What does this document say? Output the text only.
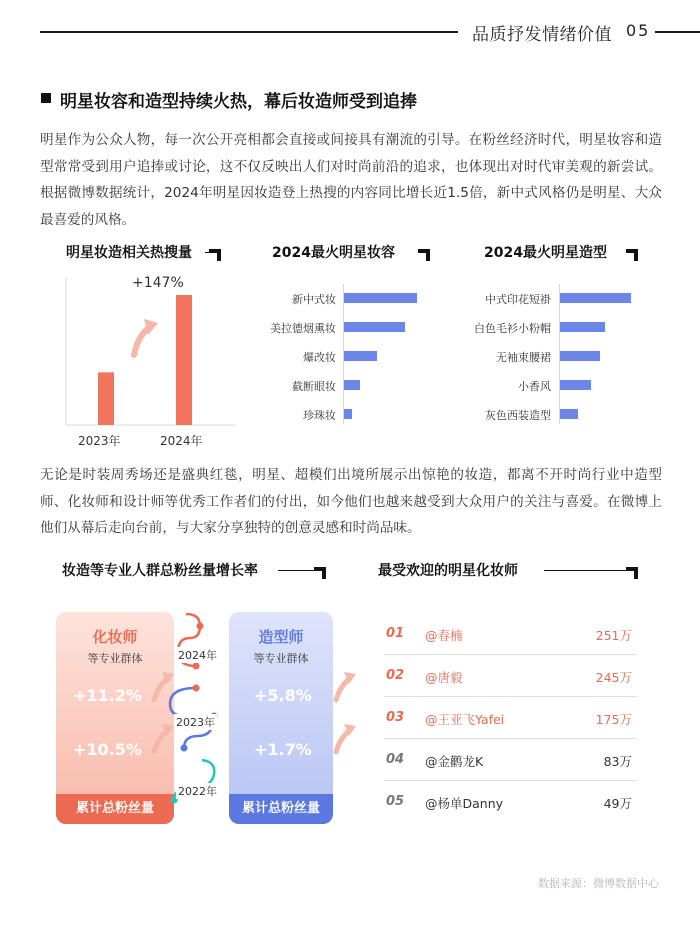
品质抒发情绪价值 05
明星妆容和造型持续火热，幕后妆造师受到追捧
明星作为公众人物，每一次公开亮相都会直接或间接具有潮流的引导。在粉丝经济时代，明星妆容和造型常常受到用户追捧或讨论，这不仅反映出人们对时尚前沿的追求，也体现出对时代审美观的新尝试。根据微博数据统计，2024年明星因妆造登上热搜的内容同比增长近1.5倍，新中式风格仍是明星、大众最喜爱的风格。
明星妆造相关热搜量
+147%
2023年	2024年
2024最火明星妆容
新中式妆
美拉德烟熏妆
爆改妆
截断眼妆
珍珠妆
2024最火明星造型
中式印花短褂
白色毛衫小粉帽
无袖束腰裙
小香风
灰色西装造型
无论是时装周秀场还是盛典红毯，明星、超模们出境所展示出惊艳的妆造，都离不开时尚行业中造型师、化妆师和设计师等优秀工作者们的付出，如今他们也越来越受到大众用户的关注与喜爱。在微博上他们从幕后走向台前，与大家分享独特的创意灵感和时尚品味。
妆造等专业人群总粉丝量增长率
化妆师
等专业群体
+11.2%
+10.5%
累计总粉丝量
造型师
等专业群体
+5.8%
+1.7%
累计总粉丝量
2024年
2023年
2022年
最受欢迎的明星化妆师
01 @春楠	251万
02 @唐毅	245万
03 @王亚飞Yafei	175万
04 @金鹳龙K	83万
05 @杨单Danny	49万
数据来源：微博数据中心
